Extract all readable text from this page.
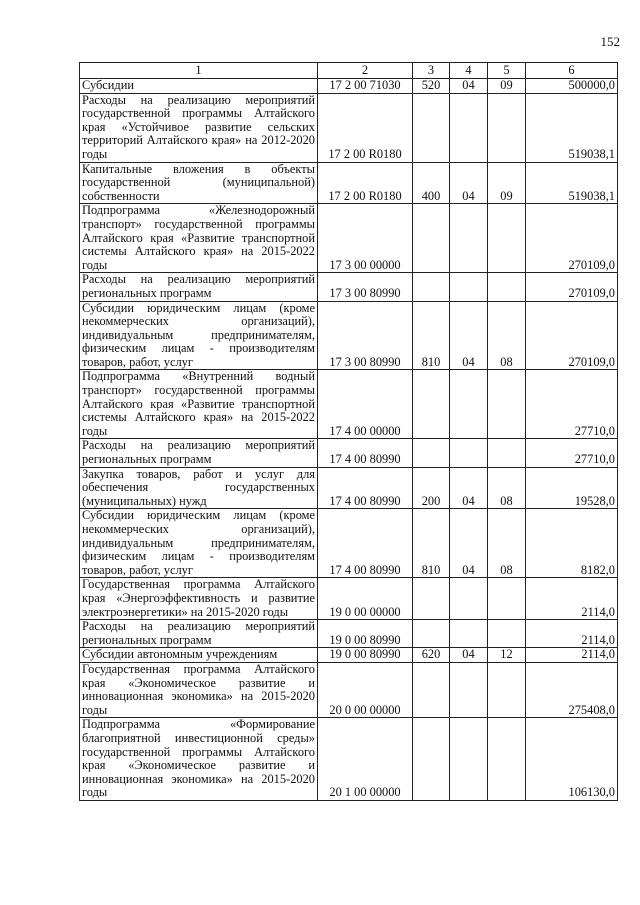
152
1	2	3	4	5	6
Субсидии	17 2 00 71030	520	04	09	500000,0
Расходы на реализацию мероприятий государственной программы Алтайского края «Устойчивое развитие сельских территорий Алтайского края» на 2012-2020 годы	17 2 00 R0180				519038,1
Капитальные вложения в объекты государственной (муниципальной) собственности	17 2 00 R0180	400	04	09	519038,1
Подпрограмма «Железнодорожный транспорт» государственной программы Алтайского края «Развитие транспортной системы Алтайского края» на 2015-2022 годы	17 3 00 00000				270109,0
Расходы на реализацию мероприятий региональных программ	17 3 00 80990				270109,0
Субсидии юридическим лицам (кроме некоммерческих организаций), индивидуальным предпринимателям, физическим лицам - производителям товаров, работ, услуг	17 3 00 80990	810	04	08	270109,0
Подпрограмма «Внутренний водный транспорт» государственной программы Алтайского края «Развитие транспортной системы Алтайского края» на 2015-2022 годы	17 4 00 00000				27710,0
Расходы на реализацию мероприятий региональных программ	17 4 00 80990				27710,0
Закупка товаров, работ и услуг для обеспечения государственных (муниципальных) нужд	17 4 00 80990	200	04	08	19528,0
Субсидии юридическим лицам (кроме некоммерческих организаций), индивидуальным предпринимателям, физическим лицам - производителям товаров, работ, услуг	17 4 00 80990	810	04	08	8182,0
Государственная программа Алтайского края «Энергоэффективность и развитие электроэнергетики» на 2015-2020 годы	19 0 00 00000				2114,0
Расходы на реализацию мероприятий региональных программ	19 0 00 80990				2114,0
Субсидии автономным учреждениям	19 0 00 80990	620	04	12	2114,0
Государственная программа Алтайского края «Экономическое развитие и инновационная экономика» на 2015-2020 годы	20 0 00 00000				275408,0
Подпрограмма «Формирование благоприятной инвестиционной среды» государственной программы Алтайского края «Экономическое развитие и инновационная экономика» на 2015-2020 годы	20 1 00 00000				106130,0
